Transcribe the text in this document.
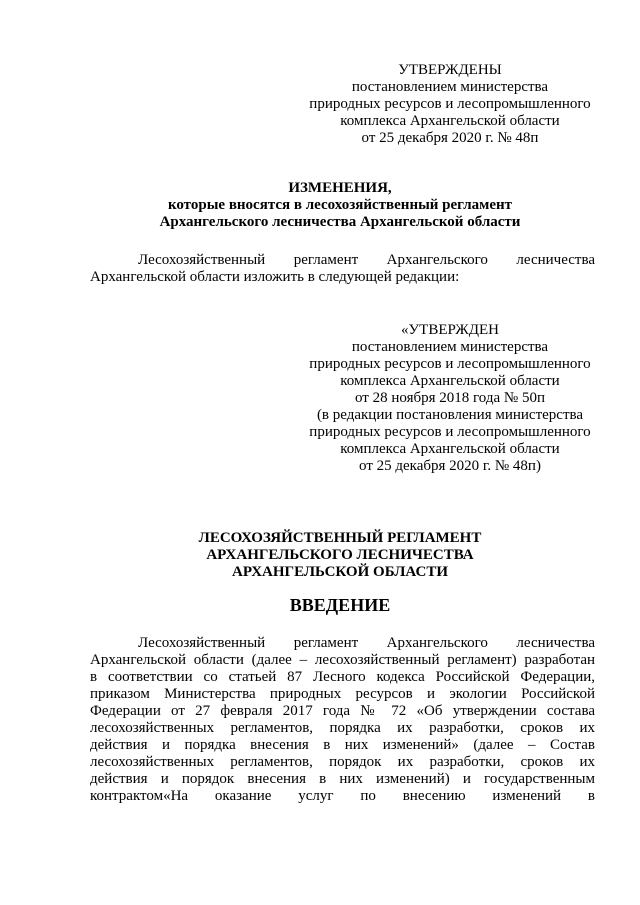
УТВЕРЖДЕНЫ
постановлением министерства
природных ресурсов и лесопромышленного
комплекса Архангельской области
от 25 декабря 2020 г. № 48п
ИЗМЕНЕНИЯ,
которые вносятся в лесохозяйственный регламент
Архангельского лесничества Архангельской области
Лесохозяйственный регламент Архангельского лесничества
Архангельской области изложить в следующей редакции:
«УТВЕРЖДЕН
постановлением министерства
природных ресурсов и лесопромышленного
комплекса Архангельской области
от 28 ноября 2018 года № 50п
(в редакции постановления министерства
природных ресурсов и лесопромышленного
комплекса Архангельской области
от 25 декабря 2020 г. № 48п)
ЛЕСОХОЗЯЙСТВЕННЫЙ РЕГЛАМЕНТ
АРХАНГЕЛЬСКОГО ЛЕСНИЧЕСТВА
АРХАНГЕЛЬСКОЙ ОБЛАСТИ
ВВЕДЕНИЕ
Лесохозяйственный регламент Архангельского лесничества
Архангельской области (далее – лесохозяйственный регламент) разработан
в соответствии со статьей 87 Лесного кодекса Российской Федерации,
приказом Министерства природных ресурсов и экологии Российской
Федерации от 27 февраля 2017 года № 72 «Об утверждении состава
лесохозяйственных регламентов, порядка их разработки, сроков их
действия и порядка внесения в них изменений» (далее – Состав
лесохозяйственных регламентов, порядок их разработки, сроков их
действия и порядок внесения в них изменений) и государственным
контрактом«На оказание услуг по внесению изменений в
